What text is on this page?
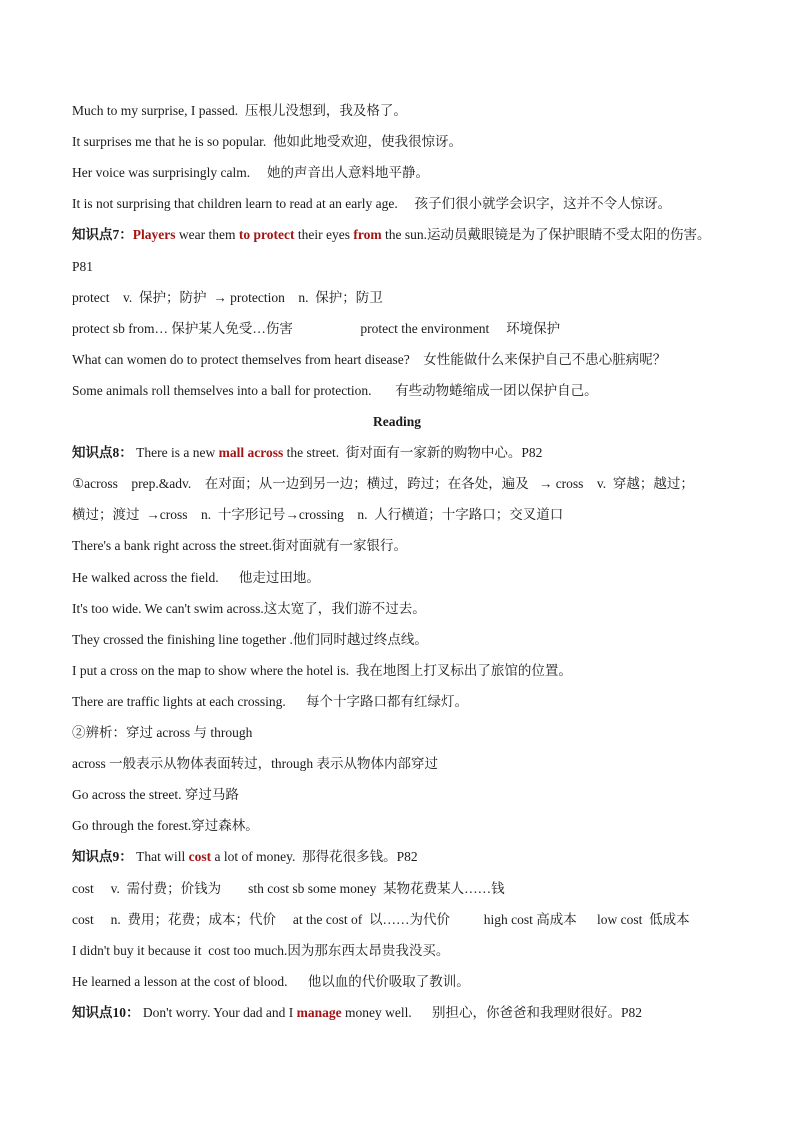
Much to my surprise, I passed.  压根儿没想到，我及格了。
It surprises me that he is so popular.  他如此地受欢迎，使我很惊讶。
Her voice was surprisingly calm.     她的声音出人意料地平静。
It is not surprising that children learn to read at an early age.     孩子们很小就学会识字，这并不令人惊讶。
知识点7：Players wear them to protect their eyes from the sun.运动员戴眼镜是为了保护眼睛不受太阳的伤害。
P81
protect    v.  保护；防护  → protection    n.  保护；防卫
protect sb from… 保护某人免受…伤害                    protect the environment     环境保护
What can women do to protect themselves from heart disease?    女性能做什么来保护自己不患心脏病呢？
Some animals roll themselves into a ball for protection.       有些动物蜷缩成一团以保护自己。
Reading
知识点8： There is a new mall across the street.  街对面有一家新的购物中心。P82
①across    prep.&adv.    在对面；从一边到另一边；横过，跨过；在各处，遍及   → cross    v.  穿越；越过；
横过；渡过  →cross    n.  十字形记号→crossing    n.  人行横道；十字路口；交叉道口
There's a bank right across the street.街对面就有一家银行。
He walked across the field.      他走过田地。
It's too wide. We can't swim across.这太宽了，我们游不过去。
They crossed the finishing line together .他们同时越过终点线。
I put a cross on the map to show where the hotel is.  我在地图上打叉标出了旅馆的位置。
There are traffic lights at each crossing.      每个十字路口都有红绿灯。
②辨析：穿过 across 与 through
across 一般表示从物体表面转过，through 表示从物体内部穿过
Go across the street. 穿过马路
Go through the forest.穿过森林。
知识点9： That will cost a lot of money.  那得花很多钱。P82
cost     v.  需付费；价钱为        sth cost sb some money  某物花费某人……钱
cost     n.  费用；花费；成本；代价     at the cost of  以……为代价          high cost 高成本      low cost  低成本
I didn't buy it because it  cost too much.因为那东西太昂贵我没买。
He learned a lesson at the cost of blood.      他以血的代价吸取了教训。
知识点10： Don't worry. Your dad and I manage money well.      别担心，你爸爸和我理财很好。P82
